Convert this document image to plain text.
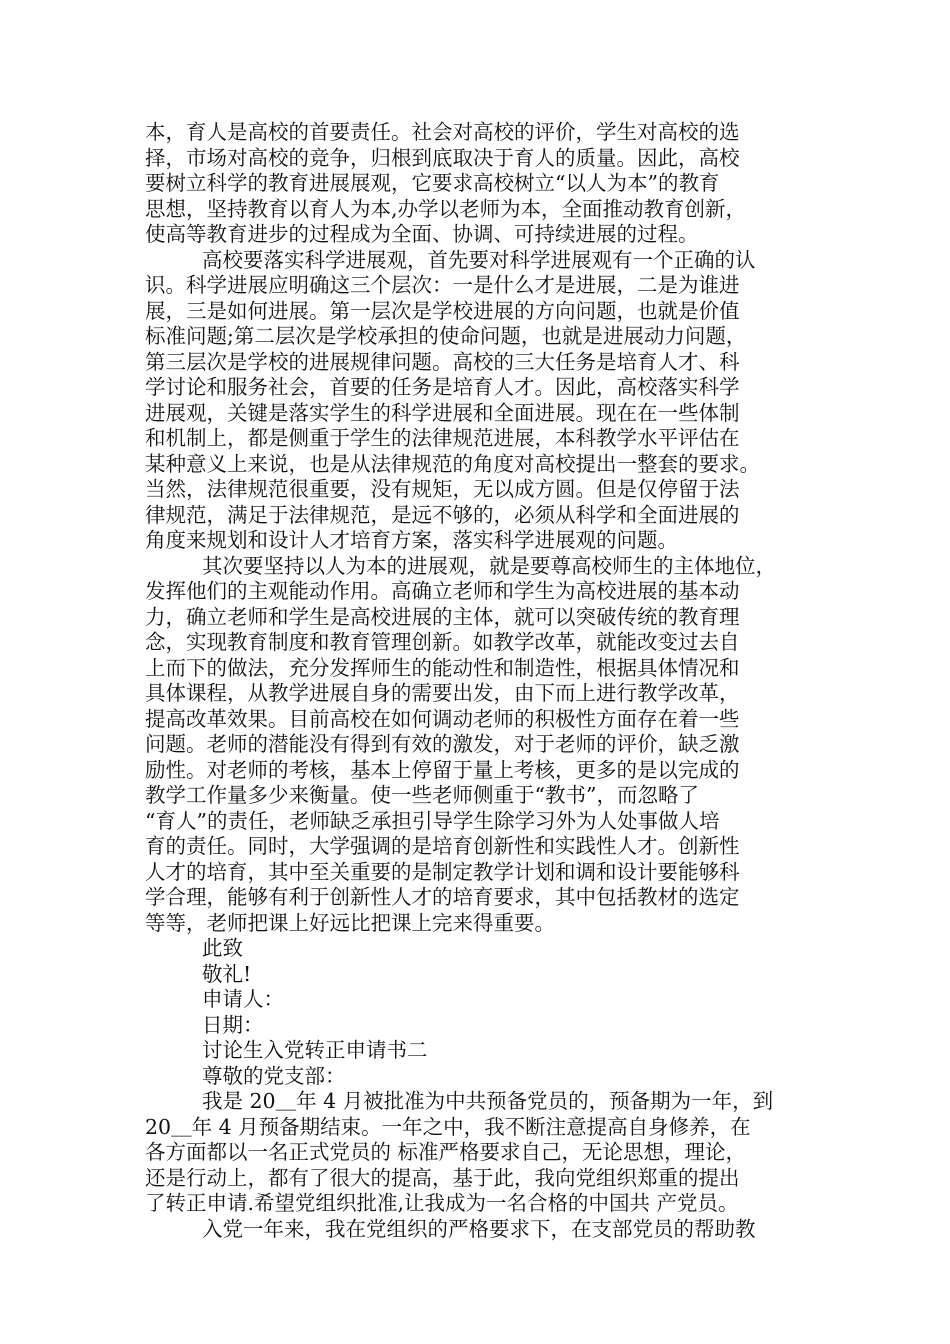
本，育人是高校的首要责任。社会对高校的评价，学生对高校的选
择，市场对高校的竞争，归根到底取决于育人的质量。因此，高校
要树立科学的教育进展展观，它要求高校树立“以人为本”的教育
思想，坚持教育以育人为本,办学以老师为本，全面推动教育创新，
使高等教育进步的过程成为全面、协调、可持续进展的过程。
高校要落实科学进展观，首先要对科学进展观有一个正确的认
识。科学进展应明确这三个层次：一是什么才是进展，二是为谁进
展，三是如何进展。第一层次是学校进展的方向问题，也就是价值
标准问题;第二层次是学校承担的使命问题，也就是进展动力问题，
第三层次是学校的进展规律问题。高校的三大任务是培育人才、科
学讨论和服务社会，首要的任务是培育人才。因此，高校落实科学
进展观，关键是落实学生的科学进展和全面进展。现在在一些体制
和机制上，都是侧重于学生的法律规范进展，本科教学水平评估在
某种意义上来说，也是从法律规范的角度对高校提出一整套的要求。
当然，法律规范很重要，没有规矩，无以成方圆。但是仅停留于法
律规范，满足于法律规范，是远不够的，必须从科学和全面进展的
角度来规划和设计人才培育方案，落实科学进展观的问题。
其次要坚持以人为本的进展观，就是要尊高校师生的主体地位，
发挥他们的主观能动作用。高确立老师和学生为高校进展的基本动
力，确立老师和学生是高校进展的主体，就可以突破传统的教育理
念，实现教育制度和教育管理创新。如教学改革，就能改变过去自
上而下的做法，充分发挥师生的能动性和制造性，根据具体情况和
具体课程，从教学进展自身的需要出发，由下而上进行教学改革，
提高改革效果。目前高校在如何调动老师的积极性方面存在着一些
问题。老师的潜能没有得到有效的激发，对于老师的评价，缺乏激
励性。对老师的考核，基本上停留于量上考核，更多的是以完成的
教学工作量多少来衡量。使一些老师侧重于“教书”，而忽略了
“育人”的责任，老师缺乏承担引导学生除学习外为人处事做人培
育的责任。同时，大学强调的是培育创新性和实践性人才。创新性
人才的培育，其中至关重要的是制定教学计划和调和设计要能够科
学合理，能够有利于创新性人才的培育要求，其中包括教材的选定
等等，老师把课上好远比把课上完来得重要。
此致
敬礼!
申请人：
日期：
讨论生入党转正申请书二
尊敬的党支部：
我是 20＿年 4 月被批准为中共预备党员的，预备期为一年，到
20＿年 4 月预备期结束。一年之中，我不断注意提高自身修养，在
各方面都以一名正式党员的 标准严格要求自己，无论思想，理论，
还是行动上，都有了很大的提高，基于此，我向党组织郑重的提出
了转正申请.希望党组织批准,让我成为一名合格的中国共 产党员。
入党一年来，我在党组织的严格要求下，在支部党员的帮助教
